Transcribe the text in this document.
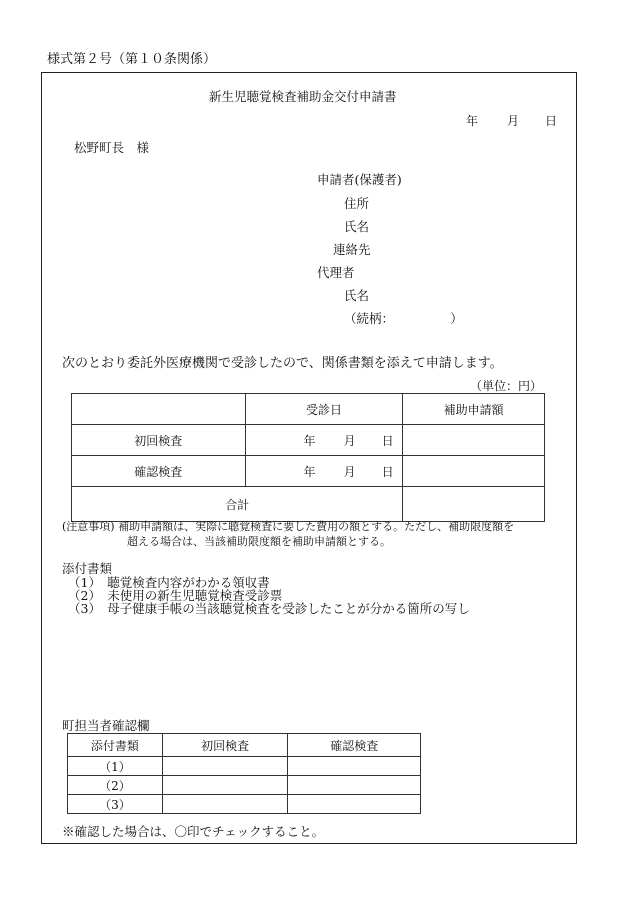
様式第２号（第１０条関係）
新生児聴覚検査補助金交付申請書
年 月 日
松野町長　様
申請者(保護者)
住所
氏名
連絡先
代理者
氏名
（続柄：　　　　　）
次のとおり委託外医療機関で受診したので、関係書類を添えて申請します。
（単位：円）
	受診日	補助申請額
初回検査	年 月 日	
確認検査	年 月 日	
合計		
(注意事項) 補助申請額は、実際に聴覚検査に要した費用の額とする。ただし、補助限度額を
超える場合は、当該補助限度額を補助申請額とする。
添付書類
（1）　聴覚検査内容がわかる領収書
（2）　未使用の新生児聴覚検査受診票
（3）　母子健康手帳の当該聴覚検査を受診したことが分かる箇所の写し
町担当者確認欄
添付書類	初回検査	確認検査
（1）		
（2）		
（3）		
※確認した場合は、〇印でチェックすること。
